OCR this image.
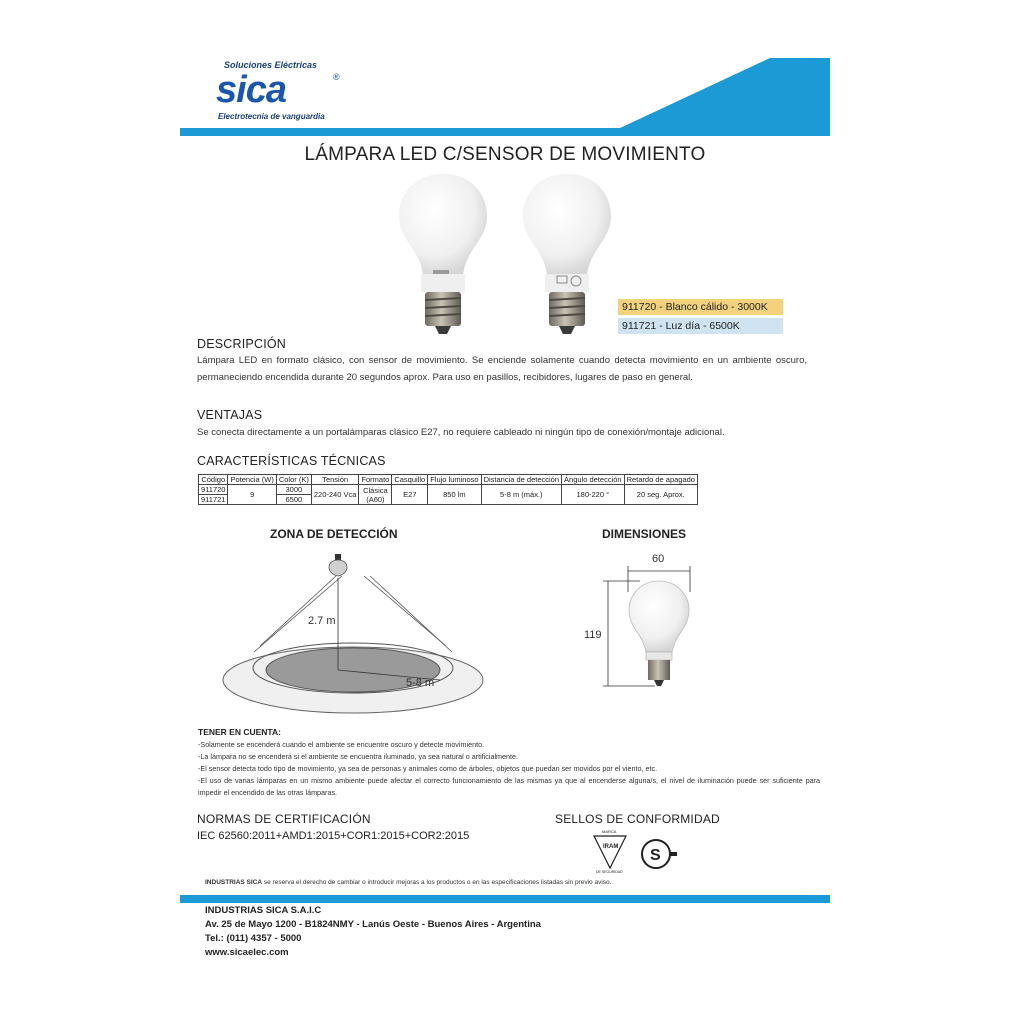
Soluciones Eléctricas
sica	®
Electrotecnia de vanguardia
LÁMPARA LED C/SENSOR DE MOVIMIENTO
911720 - Blanco cálido - 3000K
911721 - Luz día - 6500K
DESCRIPCIÓN
Lámpara LED en formato clásico, con sensor de movimiento. Se enciende solamente cuando detecta movimiento en un ambiente oscuro, permaneciendo encendida durante 20 segundos aprox. Para uso en pasillos, recibidores, lugares de paso en general.
VENTAJAS
Se conecta directamente a un portalámparas clásico E27, no requiere cableado ni ningún tipo de conexión/montaje adicional.
CARACTERÍSTICAS TÉCNICAS
Código	Potencia (W)	Color (K)	Tensión	Formato	Casquillo	Flujo luminoso	Distancia de detección	Ángulo detección	Retardo de apagado
911720	9	3000	220-240 Vca	Clásica
(A60)	E27	850 lm	5-8 m (máx.)	180-220 °	20 seg. Aprox.
911721		6500							
ZONA DE DETECCIÓN
2.7 m
5-8 m
DIMENSIONES
60
119
TENER EN CUENTA:
-Solamente se encenderá cuando el ambiente se encuentre oscuro y detecte movimiento.
-La lámpara no se encenderá si el ambiente se encuentra iluminado, ya sea natural o artificialmente.
-El sensor detecta todo tipo de movimiento, ya sea de personas y animales como de árboles, objetos que puedan ser movidos por el viento, etc.
-El uso de varias lámparas en un mismo ambiente puede afectar el correcto funcionamiento de las mismas ya que al encenderse alguna/s, el nivel de iluminación puede ser suficiente para impedir el encendido de las otras lámparas.
NORMAS DE CERTIFICACIÓN
IEC 62560:2011+AMD1:2015+COR1:2015+COR2:2015
SELLOS DE CONFORMIDAD
MARCA
IRAM
DE SEGURIDAD
S
INDUSTRIAS SICA se reserva el derecho de cambiar o introducir mejoras a los productos o en las especificaciones listadas sin previo aviso.
INDUSTRIAS SICA S.A.I.C
Av. 25 de Mayo 1200 - B1824NMY - Lanús Oeste - Buenos Aires - Argentina
Tel.: (011) 4357 - 5000
www.sicaelec.com
